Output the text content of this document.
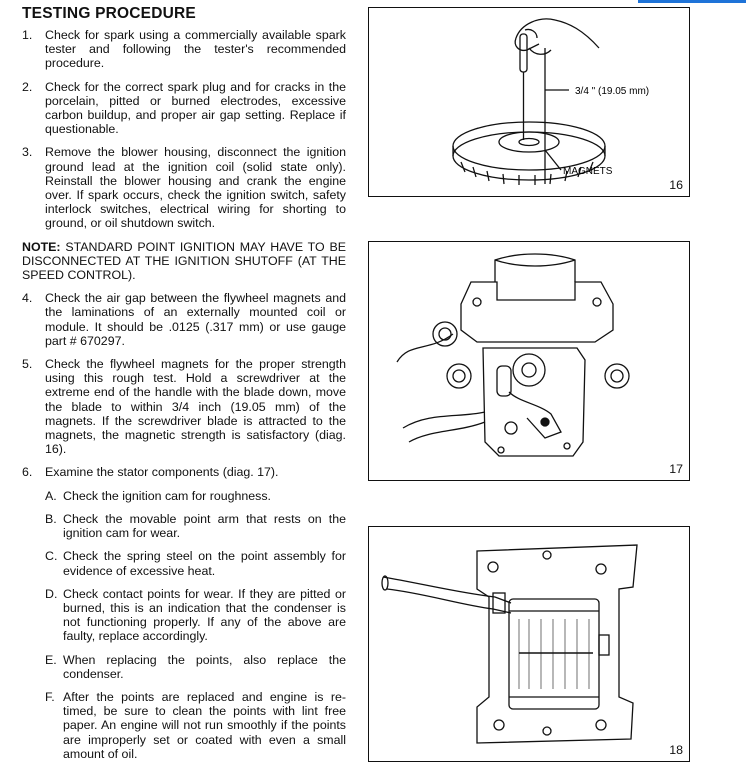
TESTING PROCEDURE
1. Check for spark using a commercially available spark tester and following the tester's recommended procedure.
2. Check for the correct spark plug and for cracks in the porcelain, pitted or burned electrodes, excessive carbon buildup, and proper air gap setting. Replace if questionable.
3. Remove the blower housing, disconnect the ignition ground lead at the ignition coil (solid state only). Reinstall the blower housing and crank the engine over. If spark occurs, check the ignition switch, safety interlock switches, electrical wiring for shorting to ground, or oil shutdown switch.
NOTE: STANDARD POINT IGNITION MAY HAVE TO BE DISCONNECTED AT THE IGNITION SHUTOFF (AT THE SPEED CONTROL).
4. Check the air gap between the flywheel magnets and the laminations of an externally mounted coil or module. It should be .0125 (.317 mm) or use gauge part # 670297.
5. Check the flywheel magnets for the proper strength using this rough test. Hold a screwdriver at the extreme end of the handle with the blade down, move the blade to within 3/4 inch (19.05 mm) of the magnets. If the screwdriver blade is attracted to the magnets, the magnetic strength is satisfactory (diag. 16).
6. Examine the stator components (diag. 17).
A. Check the ignition cam for roughness.
B. Check the movable point arm that rests on the ignition cam for wear.
C. Check the spring steel on the point assembly for evidence of excessive heat.
D. Check contact points for wear. If they are pitted or burned, this is an indication that the condenser is not functioning properly. If any of the above are faulty, replace accordingly.
E. When replacing the points, also replace the condenser.
F. After the points are replaced and engine is re-timed, be sure to clean the points with lint free paper. An engine will not run smoothly if the points are improperly set or coated with even a small amount of oil.
3/4 " (19.05 mm)
MAGNETS
16
17
18
